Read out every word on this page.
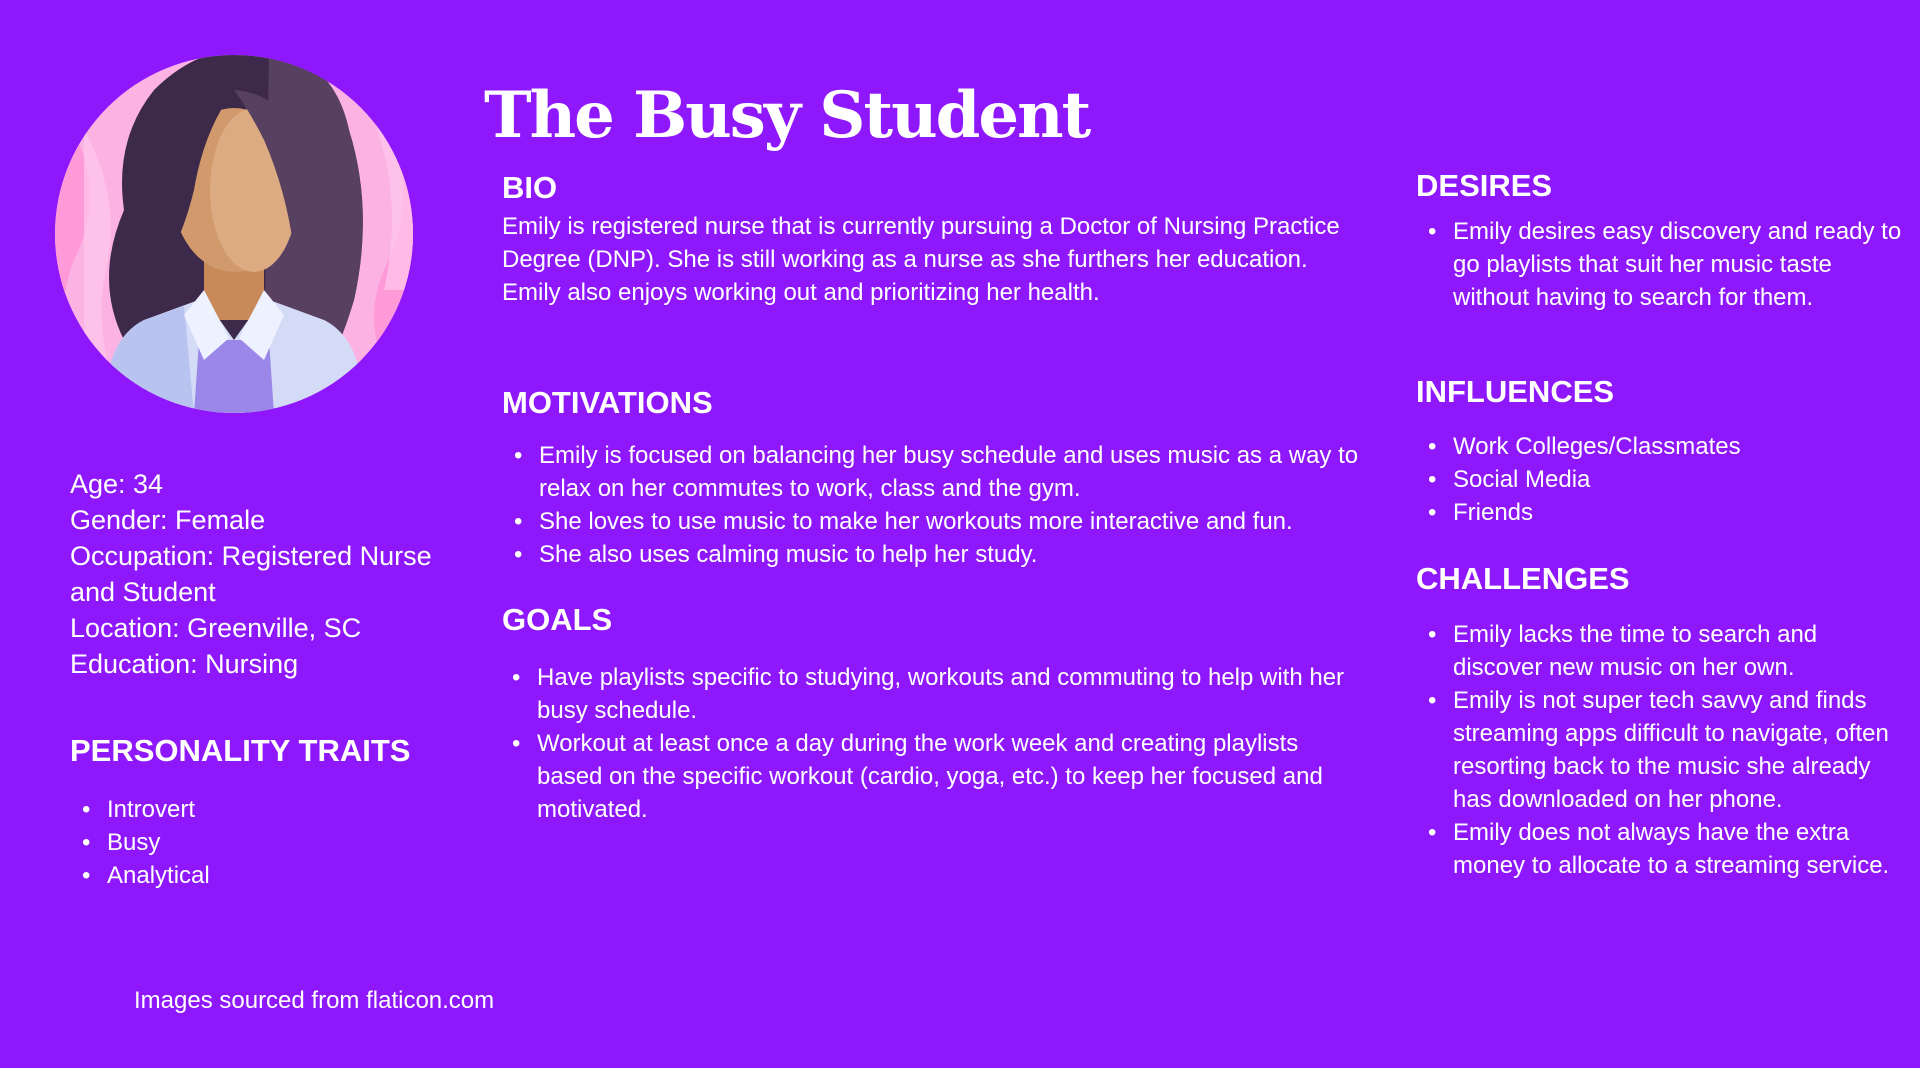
The Busy Student
Age: 34
Gender: Female
Occupation: Registered Nurse and Student
Location: Greenville, SC
Education: Nursing
BIO

Emily is registered nurse that is currently pursuing a Doctor of Nursing Practice Degree (DNP). She is still working as a nurse as she furthers her education. Emily also enjoys working out and prioritizing her health.

MOTIVATIONS
• Emily is focused on balancing her busy schedule and uses music as a way to relax on her commutes to work, class and the gym.
• She loves to use music to make her workouts more interactive and fun.
• She also uses calming music to help her study.
GOALS
• Have playlists specific to studying, workouts and commuting to help with her busy schedule.
• Workout at least once a day during the work week and creating playlists based on the specific workout (cardio, yoga, etc.) to keep her focused and motivated.
PERSONALITY TRAITS
• Introvert
• Busy
• Analytical
DESIRES
• Emily desires easy discovery and ready to go playlists that suit her music taste without having to search for them.
INFLUENCES
• Work Colleges/Classmates
• Social Media
• Friends
CHALLENGES
• Emily lacks the time to search and discover new music on her own.
• Emily is not super tech savvy and finds streaming apps difficult to navigate, often resorting back to the music she already has downloaded on her phone.
• Emily does not always have the extra money to allocate to a streaming service.
Images sourced from flaticon.com
